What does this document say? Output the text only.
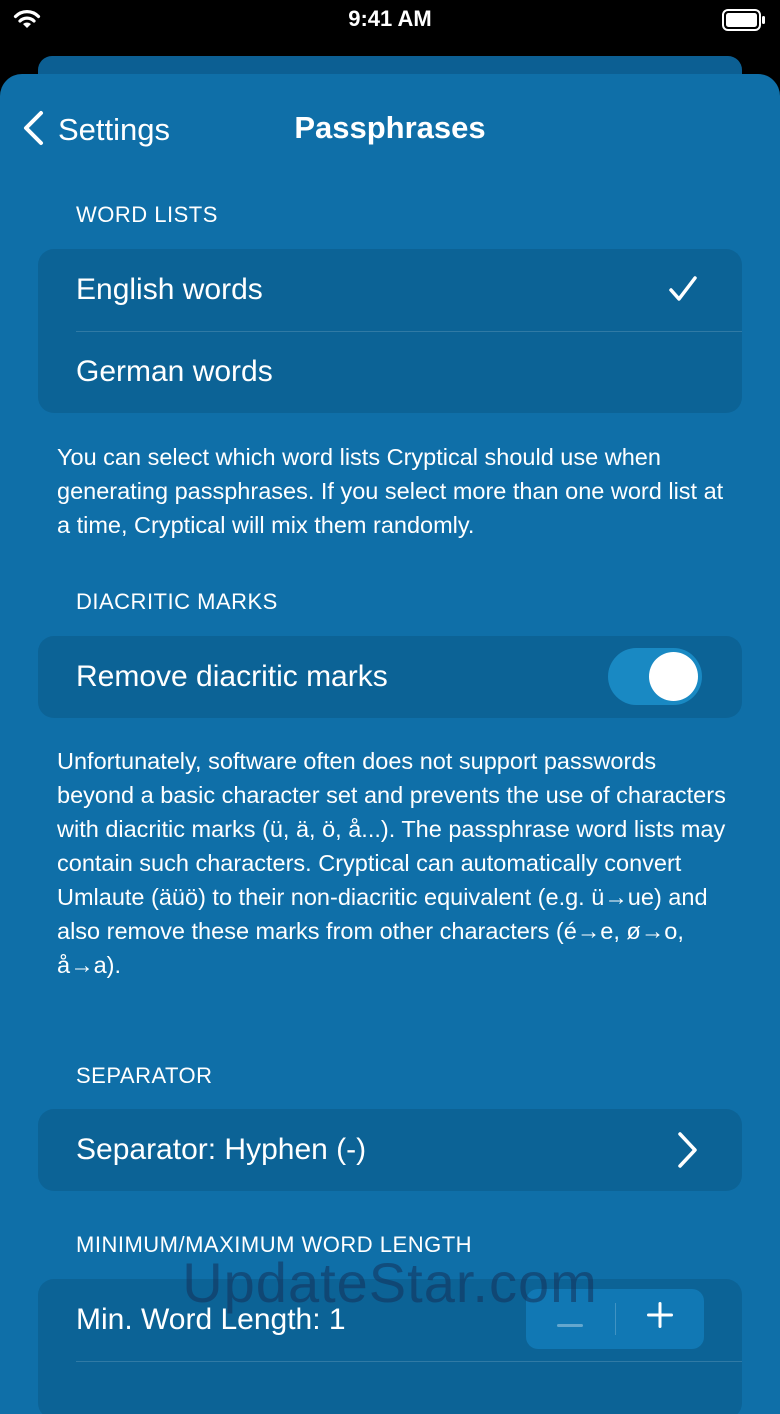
9:41 AM
Settings	Passphrases
WORD LISTS
English words
German words
You can select which word lists Cryptical should use when generating passphrases. If you select more than one word list at a time, Cryptical will mix them randomly.
DIACRITIC MARKS
Remove diacritic marks
Unfortunately, software often does not support passwords beyond a basic character set and prevents the use of characters with diacritic marks (ü, ä, ö, å...). The passphrase word lists may contain such characters. Cryptical can automatically convert Umlaute (äüö) to their non-diacritic equivalent (e.g. ü→ue) and also remove these marks from other characters (é→e, ø→o, å→a).
SEPARATOR
Separator: Hyphen (-)
MINIMUM/MAXIMUM WORD LENGTH
Min. Word Length: 1
UpdateStar.com
